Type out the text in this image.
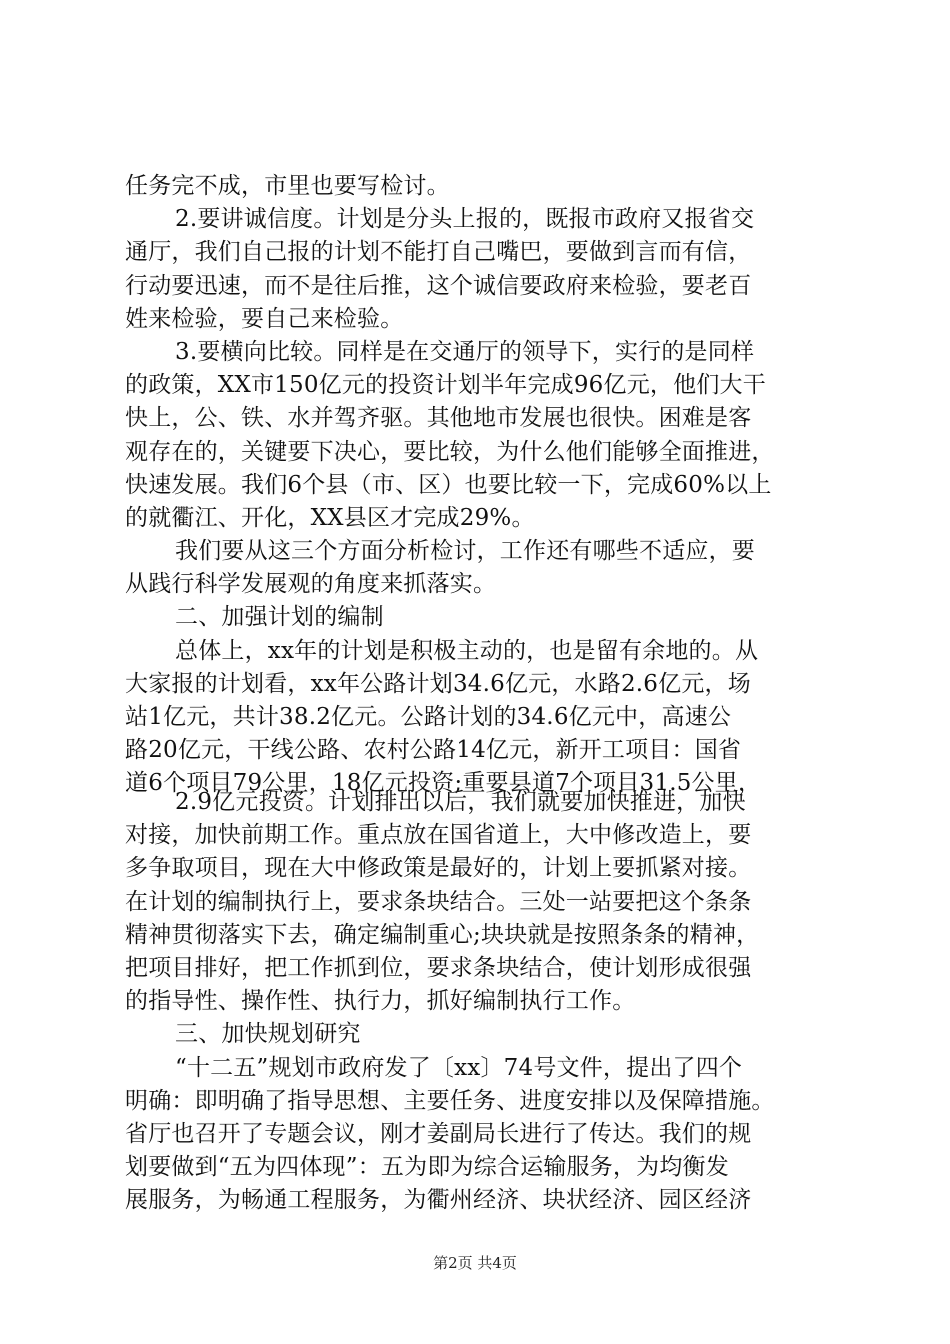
任务完不成，市里也要写检讨。
2.要讲诚信度。计划是分头上报的，既报市政府又报省交
通厅，我们自己报的计划不能打自己嘴巴，要做到言而有信，
行动要迅速，而不是往后推，这个诚信要政府来检验，要老百
姓来检验，要自己来检验。
3.要横向比较。同样是在交通厅的领导下，实行的是同样
的政策，XX市150亿元的投资计划半年完成96亿元，他们大干
快上，公、铁、水并驾齐驱。其他地市发展也很快。困难是客
观存在的，关键要下决心，要比较，为什么他们能够全面推进，
快速发展。我们6个县（市、区）也要比较一下，完成60%以上
的就衢江、开化，XX县区才完成29%。
我们要从这三个方面分析检讨，工作还有哪些不适应，要
从践行科学发展观的角度来抓落实。
二、加强计划的编制
总体上，xx年的计划是积极主动的，也是留有余地的。从
大家报的计划看，xx年公路计划34.6亿元，水路2.6亿元，场
站1亿元，共计38.2亿元。公路计划的34.6亿元中，高速公
路20亿元，干线公路、农村公路14亿元，新开工项目：国省
道6个项目79公里，18亿元投资;重要县道7个项目31.5公里，
2.9亿元投资。计划排出以后，我们就要加快推进，加快
对接，加快前期工作。重点放在国省道上，大中修改造上，要
多争取项目，现在大中修政策是最好的，计划上要抓紧对接。
在计划的编制执行上，要求条块结合。三处一站要把这个条条
精神贯彻落实下去，确定编制重心;块块就是按照条条的精神，
把项目排好，把工作抓到位，要求条块结合，使计划形成很强
的指导性、操作性、执行力，抓好编制执行工作。
三、加快规划研究
“十二五”规划市政府发了〔xx〕74号文件，提出了四个
明确：即明确了指导思想、主要任务、进度安排以及保障措施。
省厅也召开了专题会议，刚才姜副局长进行了传达。我们的规
划要做到“五为四体现”：五为即为综合运输服务，为均衡发
展服务，为畅通工程服务，为衢州经济、块状经济、园区经济
第2页 共4页
